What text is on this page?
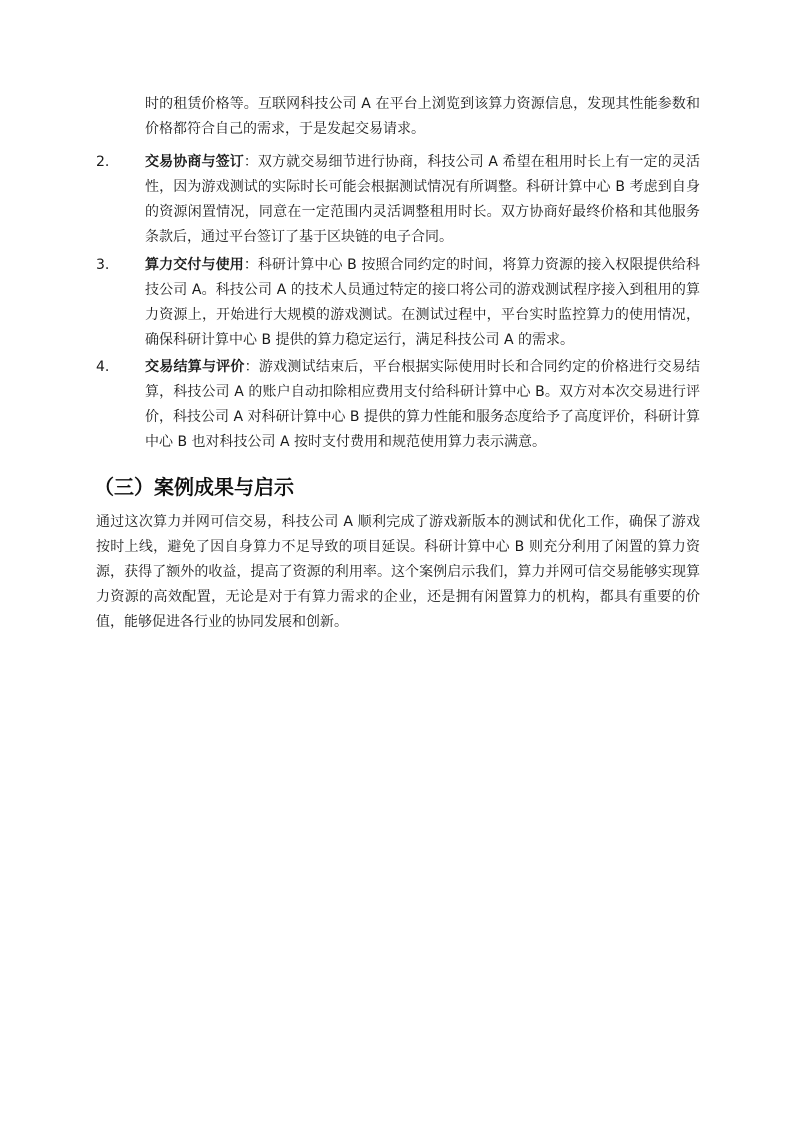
时的租赁价格等。互联网科技公司 A 在平台上浏览到该算力资源信息，发现其性能参数和价格都符合自己的需求，于是发起交易请求。

2.	交易协商与签订：双方就交易细节进行协商，科技公司 A 希望在租用时长上有一定的灵活性，因为游戏测试的实际时长可能会根据测试情况有所调整。科研计算中心 B 考虑到自身的资源闲置情况，同意在一定范围内灵活调整租用时长。双方协商好最终价格和其他服务条款后，通过平台签订了基于区块链的电子合同。

3.	算力交付与使用：科研计算中心 B 按照合同约定的时间，将算力资源的接入权限提供给科技公司 A。科技公司 A 的技术人员通过特定的接口将公司的游戏测试程序接入到租用的算力资源上，开始进行大规模的游戏测试。在测试过程中，平台实时监控算力的使用情况，确保科研计算中心 B 提供的算力稳定运行，满足科技公司 A 的需求。

4.	交易结算与评价：游戏测试结束后，平台根据实际使用时长和合同约定的价格进行交易结算，科技公司 A 的账户自动扣除相应费用支付给科研计算中心 B。双方对本次交易进行评价，科技公司 A 对科研计算中心 B 提供的算力性能和服务态度给予了高度评价，科研计算中心 B 也对科技公司 A 按时支付费用和规范使用算力表示满意。

（三）案例成果与启示

通过这次算力并网可信交易，科技公司 A 顺利完成了游戏新版本的测试和优化工作，确保了游戏按时上线，避免了因自身算力不足导致的项目延误。科研计算中心 B 则充分利用了闲置的算力资源，获得了额外的收益，提高了资源的利用率。这个案例启示我们，算力并网可信交易能够实现算力资源的高效配置，无论是对于有算力需求的企业，还是拥有闲置算力的机构，都具有重要的价值，能够促进各行业的协同发展和创新。
